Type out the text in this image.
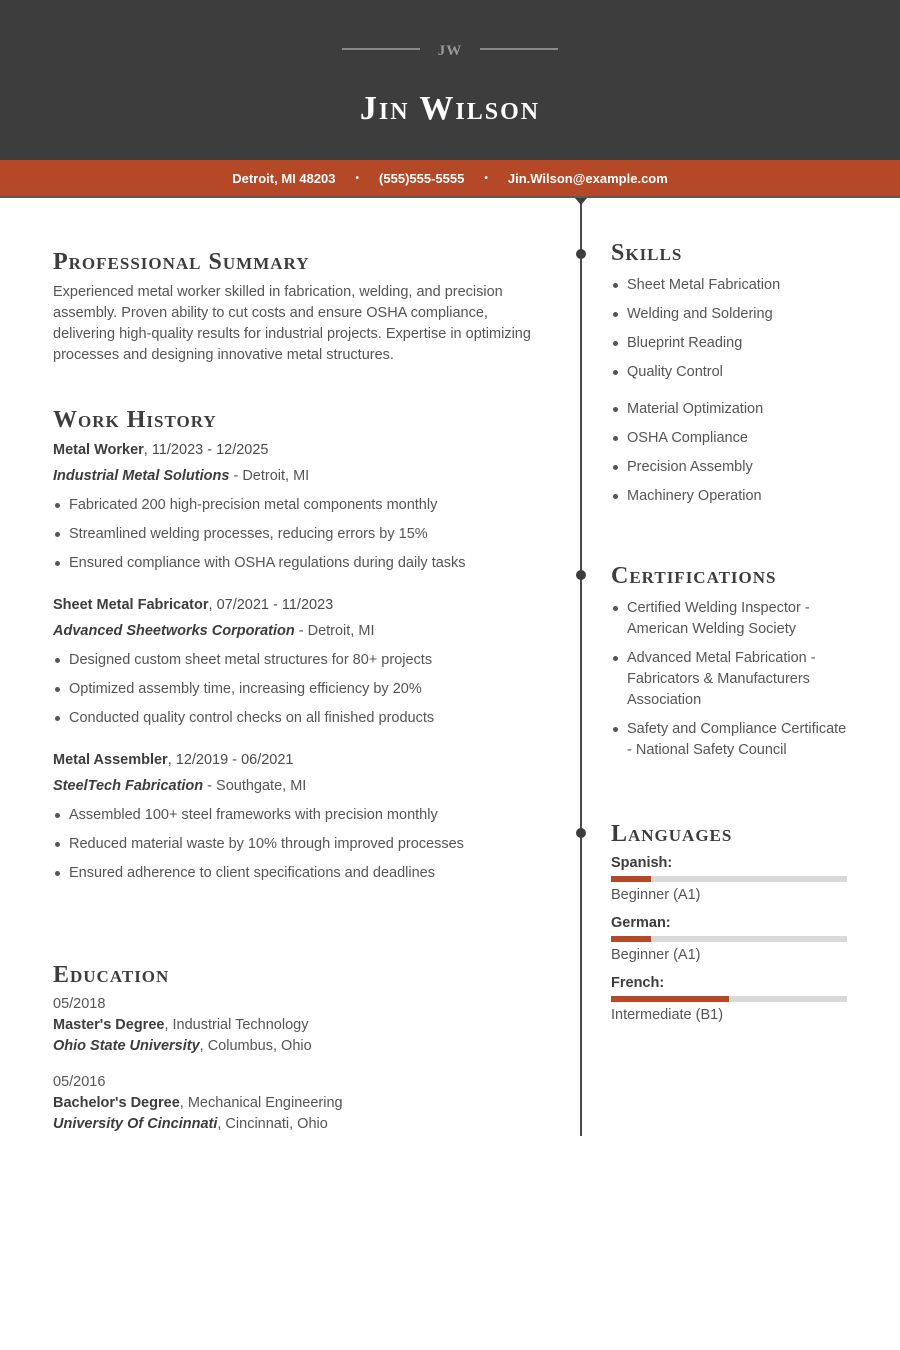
JW
Jin Wilson
Detroit, MI 48203 • (555)555-5555 • Jin.Wilson@example.com
Professional Summary
Experienced metal worker skilled in fabrication, welding, and precision assembly. Proven ability to cut costs and ensure OSHA compliance, delivering high-quality results for industrial projects. Expertise in optimizing processes and designing innovative metal structures.
Work History
Metal Worker, 11/2023 - 12/2025
Industrial Metal Solutions - Detroit, MI
Fabricated 200 high-precision metal components monthly
Streamlined welding processes, reducing errors by 15%
Ensured compliance with OSHA regulations during daily tasks
Sheet Metal Fabricator, 07/2021 - 11/2023
Advanced Sheetworks Corporation - Detroit, MI
Designed custom sheet metal structures for 80+ projects
Optimized assembly time, increasing efficiency by 20%
Conducted quality control checks on all finished products
Metal Assembler, 12/2019 - 06/2021
SteelTech Fabrication - Southgate, MI
Assembled 100+ steel frameworks with precision monthly
Reduced material waste by 10% through improved processes
Ensured adherence to client specifications and deadlines
Education
05/2018
Master's Degree, Industrial Technology
Ohio State University, Columbus, Ohio
05/2016
Bachelor's Degree, Mechanical Engineering
University Of Cincinnati, Cincinnati, Ohio
Skills
Sheet Metal Fabrication
Welding and Soldering
Blueprint Reading
Quality Control
Material Optimization
OSHA Compliance
Precision Assembly
Machinery Operation
Certifications
Certified Welding Inspector - American Welding Society
Advanced Metal Fabrication - Fabricators & Manufacturers Association
Safety and Compliance Certificate - National Safety Council
Languages
Spanish:
Beginner (A1)
German:
Beginner (A1)
French:
Intermediate (B1)
